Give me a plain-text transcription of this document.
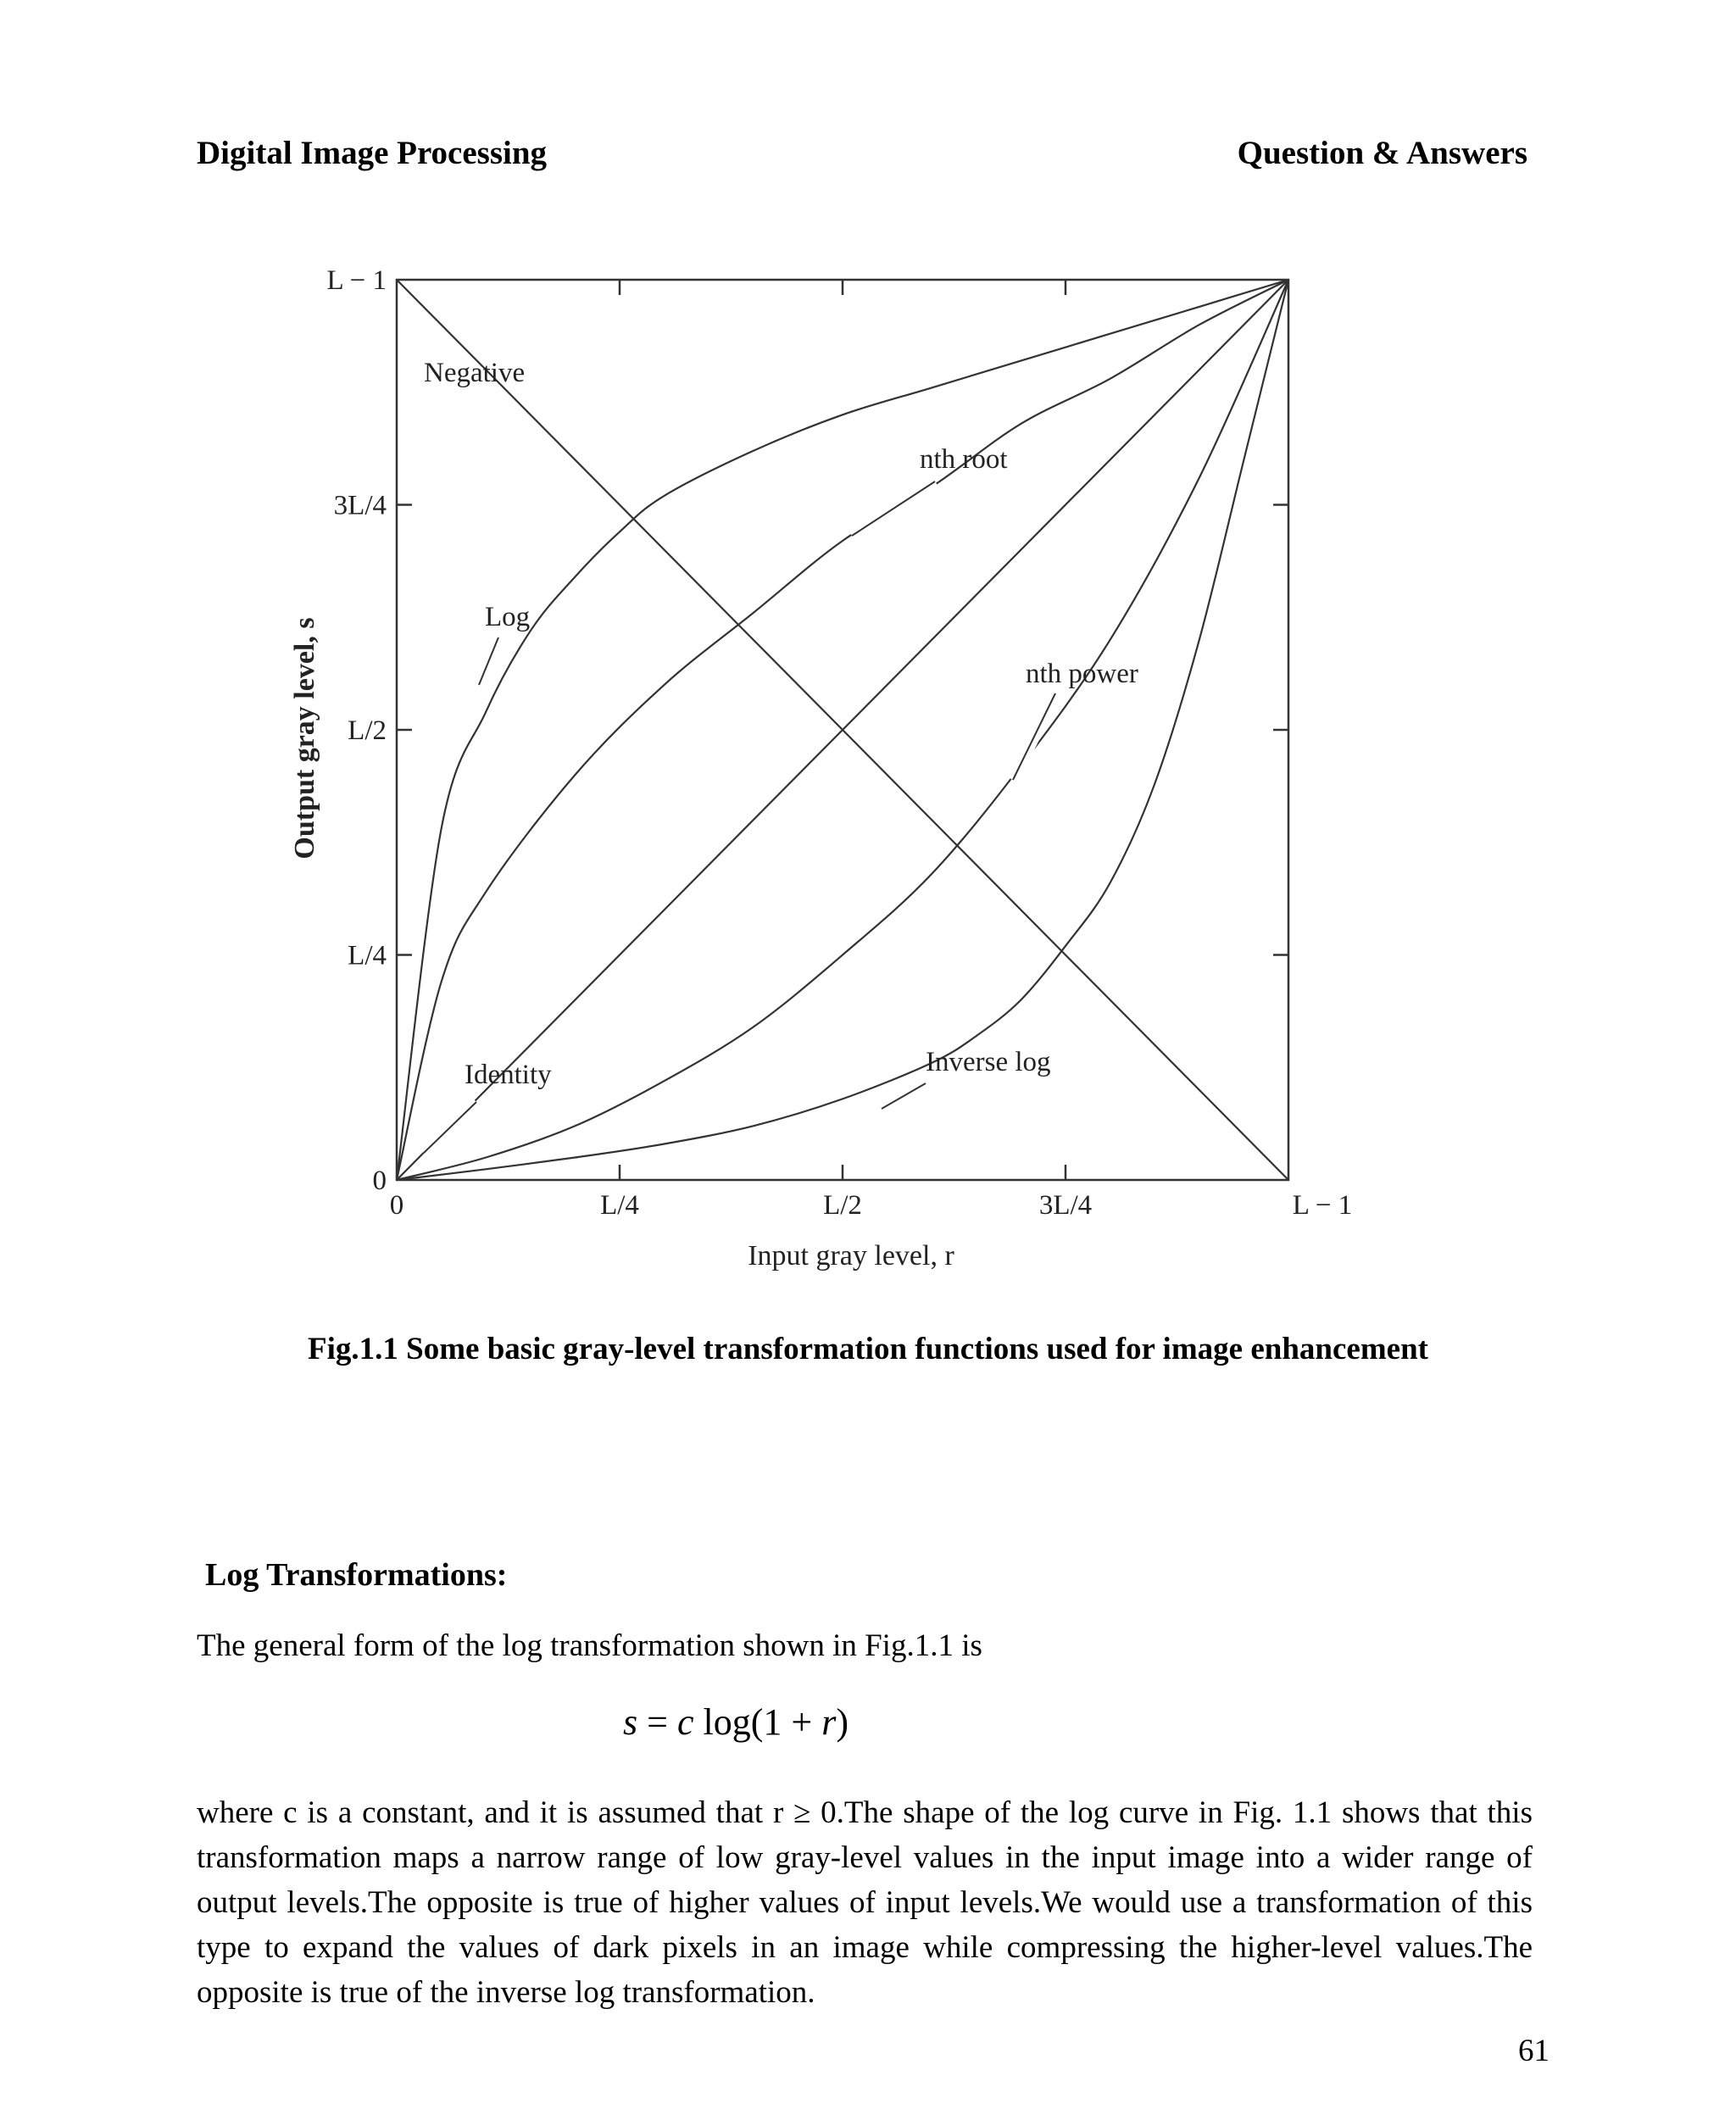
Digital Image Processing	Question & Answers
0	L/4	L/2	3L/4	L − 1
0
L/4
L/2
3L/4
L − 1
Input gray level, r
Output gray level, s
Negative
nth root
Log
nth power
Identity	Inverse log
Fig.1.1 Some basic gray-level transformation functions used for image enhancement
Log Transformations:
The general form of the log transformation shown in Fig.1.1 is
s = c log(1 + r)
where c is a constant, and it is assumed that r ≥ 0.The shape of the log curve in Fig. 1.1 shows that this transformation maps a narrow range of low gray-level values in the input image into a wider range of output levels.The opposite is true of higher values of input levels.We would use a transformation of this type to expand the values of dark pixels in an image while compressing the higher-level values.The opposite is true of the inverse log transformation.
61
